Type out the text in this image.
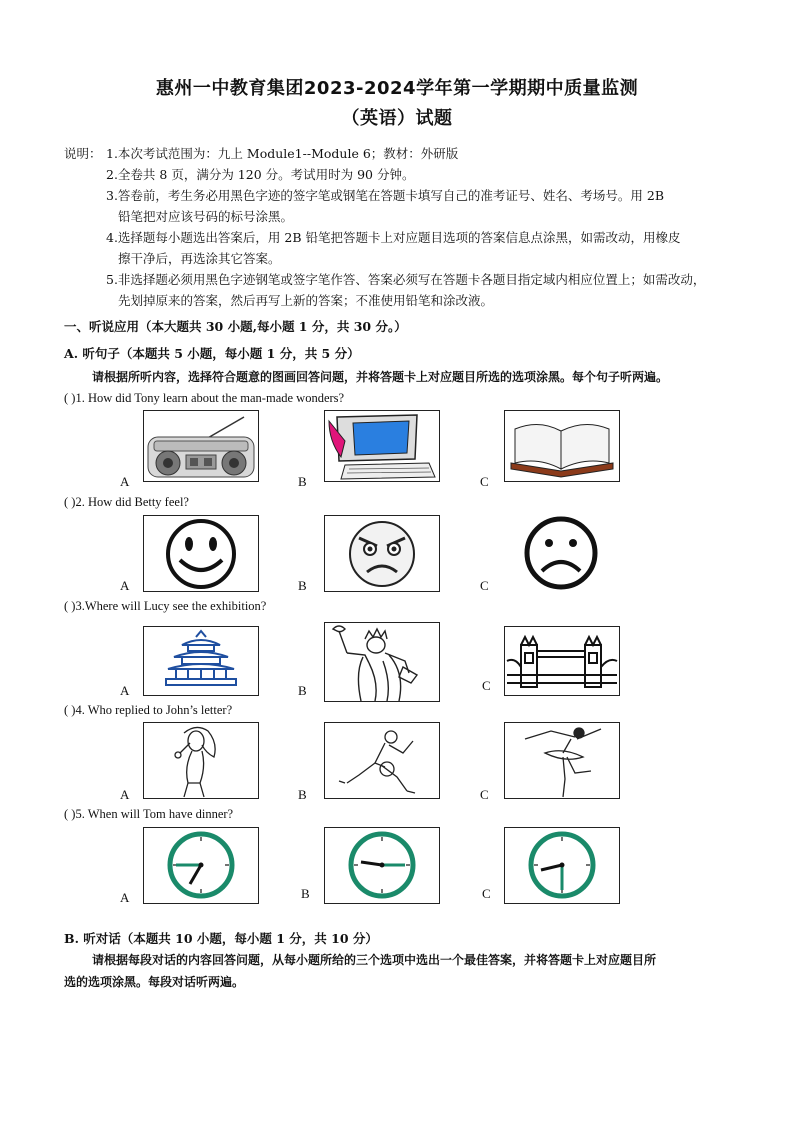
惠州一中教育集团2023-2024学年第一学期期中质量监测
（英语）试题
说明： 1.本次考试范围为：九上 Module1--Module 6；教材：外研版
2.全卷共 8 页，满分为 120 分。考试用时为 90 分钟。
3.答卷前，考生务必用黑色字迹的签字笔或钢笔在答题卡填写自己的准考证号、姓名、考场号。用 2B
铅笔把对应该号码的标号涂黑。
4.选择题每小题选出答案后，用 2B 铅笔把答题卡上对应题目选项的答案信息点涂黑，如需改动，用橡皮
擦干净后，再选涂其它答案。
5.非选择题必须用黑色字迹钢笔或签字笔作答、答案必须写在答题卡各题目指定域内相应位置上；如需改动，
先划掉原来的答案，然后再写上新的答案；不准使用铅笔和涂改液。
一、听说应用（本大题共 30 小题,每小题 1 分，共 30 分。）
A. 听句子（本题共 5 小题，每小题 1 分，共 5 分）
请根据所听内容，选择符合题意的图画回答问题，并将答题卡上对应题目所选的选项涂黑。每个句子听两遍。
( )1. How did Tony learn about the man-made wonders?
A	B	C
( )2. How did Betty feel?
A	B	C
( )3.Where will Lucy see the exhibition?
A	B	C
( )4. Who replied to John’s letter?
A	B	C
( )5. When will Tom have dinner?
A	B	C
B. 听对话（本题共 10 小题，每小题 1 分，共 10 分）
请根据每段对话的内容回答问题，从每小题所给的三个选项中选出一个最佳答案，并将答题卡上对应题目所
选的选项涂黑。每段对话听两遍。
